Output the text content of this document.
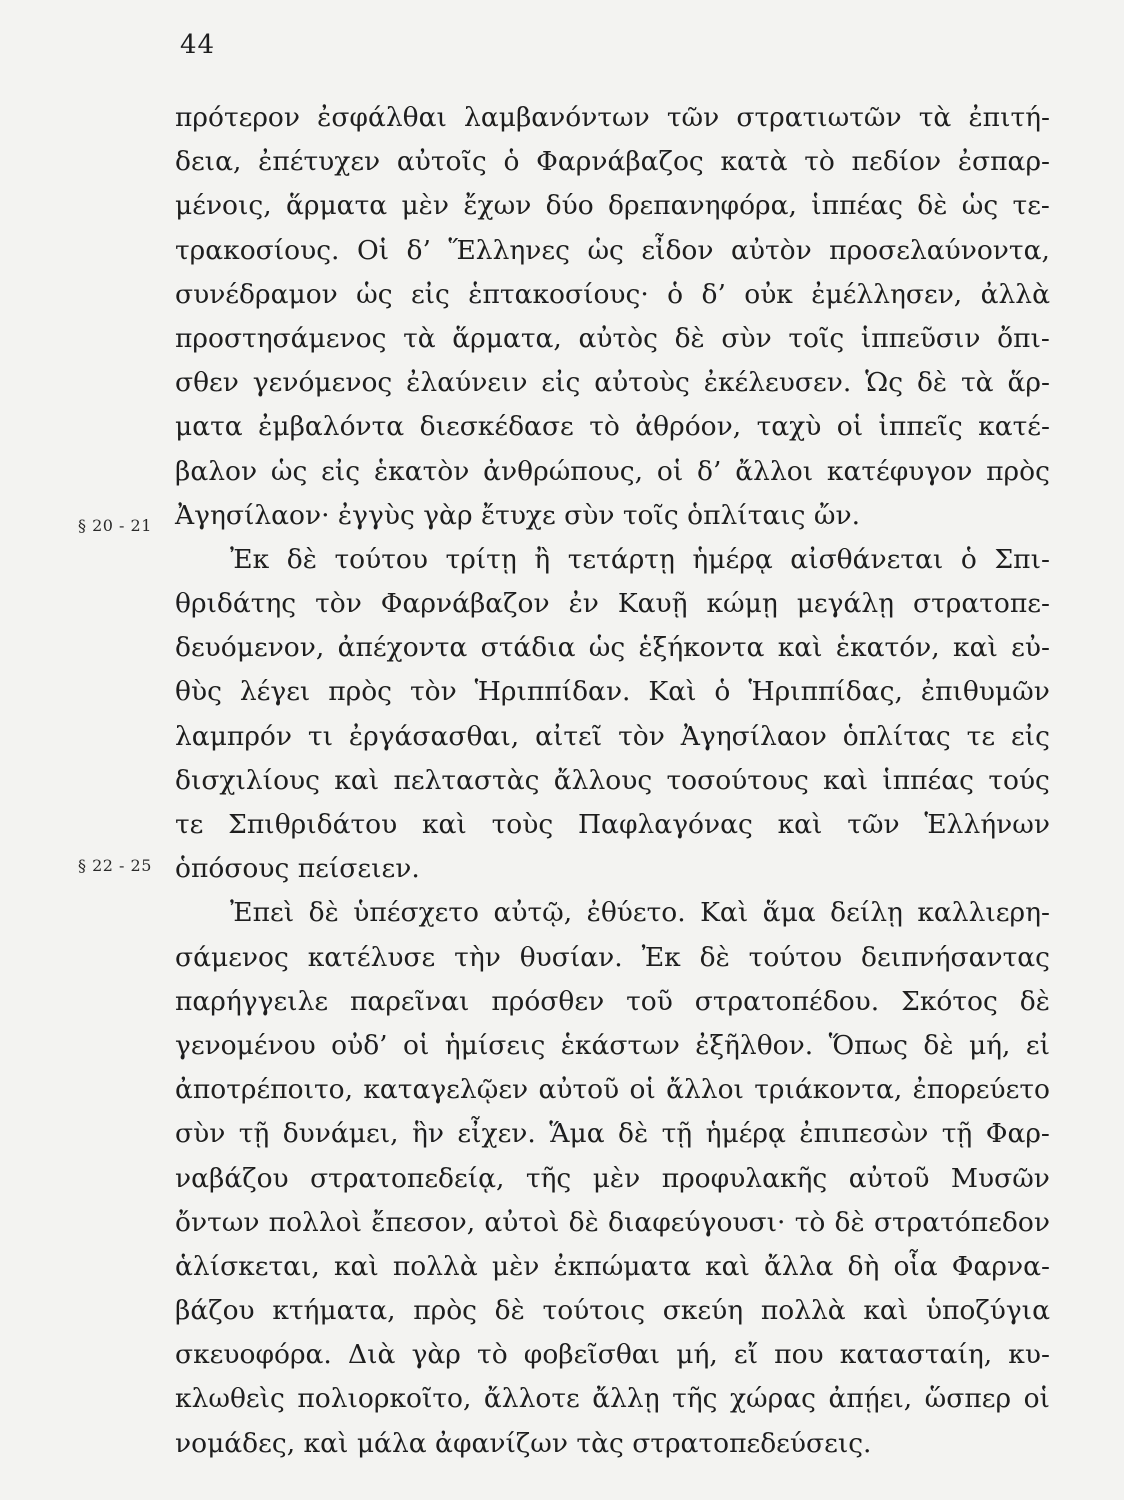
44
§ 20 - 21
§ 22 - 25
πρότερον ἐσφάλθαι λαμβανόντων τῶν στρατιωτῶν τὰ ἐπιτή-
δεια, ἐπέτυχεν αὐτοῖς ὁ Φαρνάβαζος κατὰ τὸ πεδίον ἐσπαρ-
μένοις, ἅρματα μὲν ἔχων δύο δρεπανηφόρα, ἱππέας δὲ ὡς τε-
τρακοσίους. Οἱ δ’ Ἕλληνες ὡς εἶδον αὐτὸν προσελαύνοντα,
συνέδραμον ὡς εἰς ἑπτακοσίους· ὁ δ’ οὐκ ἐμέλλησεν, ἀλλὰ
προστησάμενος τὰ ἅρματα, αὐτὸς δὲ σὺν τοῖς ἱππεῦσιν ὄπι-
σθεν γενόμενος ἐλαύνειν εἰς αὐτοὺς ἐκέλευσεν. Ὡς δὲ τὰ ἅρ-
ματα ἐμβαλόντα διεσκέδασε τὸ ἀθρόον, ταχὺ οἱ ἱππεῖς κατέ-
βαλον ὡς εἰς ἑκατὸν ἀνθρώπους, οἱ δ’ ἄλλοι κατέφυγον πρὸς
Ἀγησίλαον· ἐγγὺς γὰρ ἔτυχε σὺν τοῖς ὁπλίταις ὤν.
Ἐκ δὲ τούτου τρίτῃ ἢ τετάρτῃ ἡμέρᾳ αἰσθάνεται ὁ Σπι-
θριδάτης τὸν Φαρνάβαζον ἐν Καυῇ κώμῃ μεγάλῃ στρατοπε-
δευόμενον, ἀπέχοντα στάδια ὡς ἑξήκοντα καὶ ἑκατόν, καὶ εὐ-
θὺς λέγει πρὸς τὸν Ἡριππίδαν. Καὶ ὁ Ἡριππίδας, ἐπιθυμῶν
λαμπρόν τι ἐργάσασθαι, αἰτεῖ τὸν Ἀγησίλαον ὁπλίτας τε εἰς
δισχιλίους καὶ πελταστὰς ἄλλους τοσούτους καὶ ἱππέας τούς
τε Σπιθριδάτου καὶ τοὺς Παφλαγόνας καὶ τῶν Ἑλλήνων
ὁπόσους πείσειεν.
Ἐπεὶ δὲ ὑπέσχετο αὐτῷ, ἐθύετο. Καὶ ἅμα δείλῃ καλλιερη-
σάμενος κατέλυσε τὴν θυσίαν. Ἐκ δὲ τούτου δειπνήσαντας
παρήγγειλε παρεῖναι πρόσθεν τοῦ στρατοπέδου. Σκότος δὲ
γενομένου οὐδ’ οἱ ἡμίσεις ἑκάστων ἐξῆλθον. Ὅπως δὲ μή, εἰ
ἀποτρέποιτο, καταγελῷεν αὐτοῦ οἱ ἄλλοι τριάκοντα, ἐπορεύετο
σὺν τῇ δυνάμει, ἣν εἶχεν. Ἅμα δὲ τῇ ἡμέρᾳ ἐπιπεσὼν τῇ Φαρ-
ναβάζου στρατοπεδείᾳ, τῆς μὲν προφυλακῆς αὐτοῦ Μυσῶν
ὄντων πολλοὶ ἔπεσον, αὐτοὶ δὲ διαφεύγουσι· τὸ δὲ στρατόπεδον
ἁλίσκεται, καὶ πολλὰ μὲν ἐκπώματα καὶ ἄλλα δὴ οἷα Φαρνα-
βάζου κτήματα, πρὸς δὲ τούτοις σκεύη πολλὰ καὶ ὑποζύγια
σκευοφόρα. Διὰ γὰρ τὸ φοβεῖσθαι μή, εἴ που κατασταίη, κυ-
κλωθεὶς πολιορκοῖτο, ἄλλοτε ἄλλῃ τῆς χώρας ἀπῄει, ὥσπερ οἱ
νομάδες, καὶ μάλα ἀφανίζων τὰς στρατοπεδεύσεις.
